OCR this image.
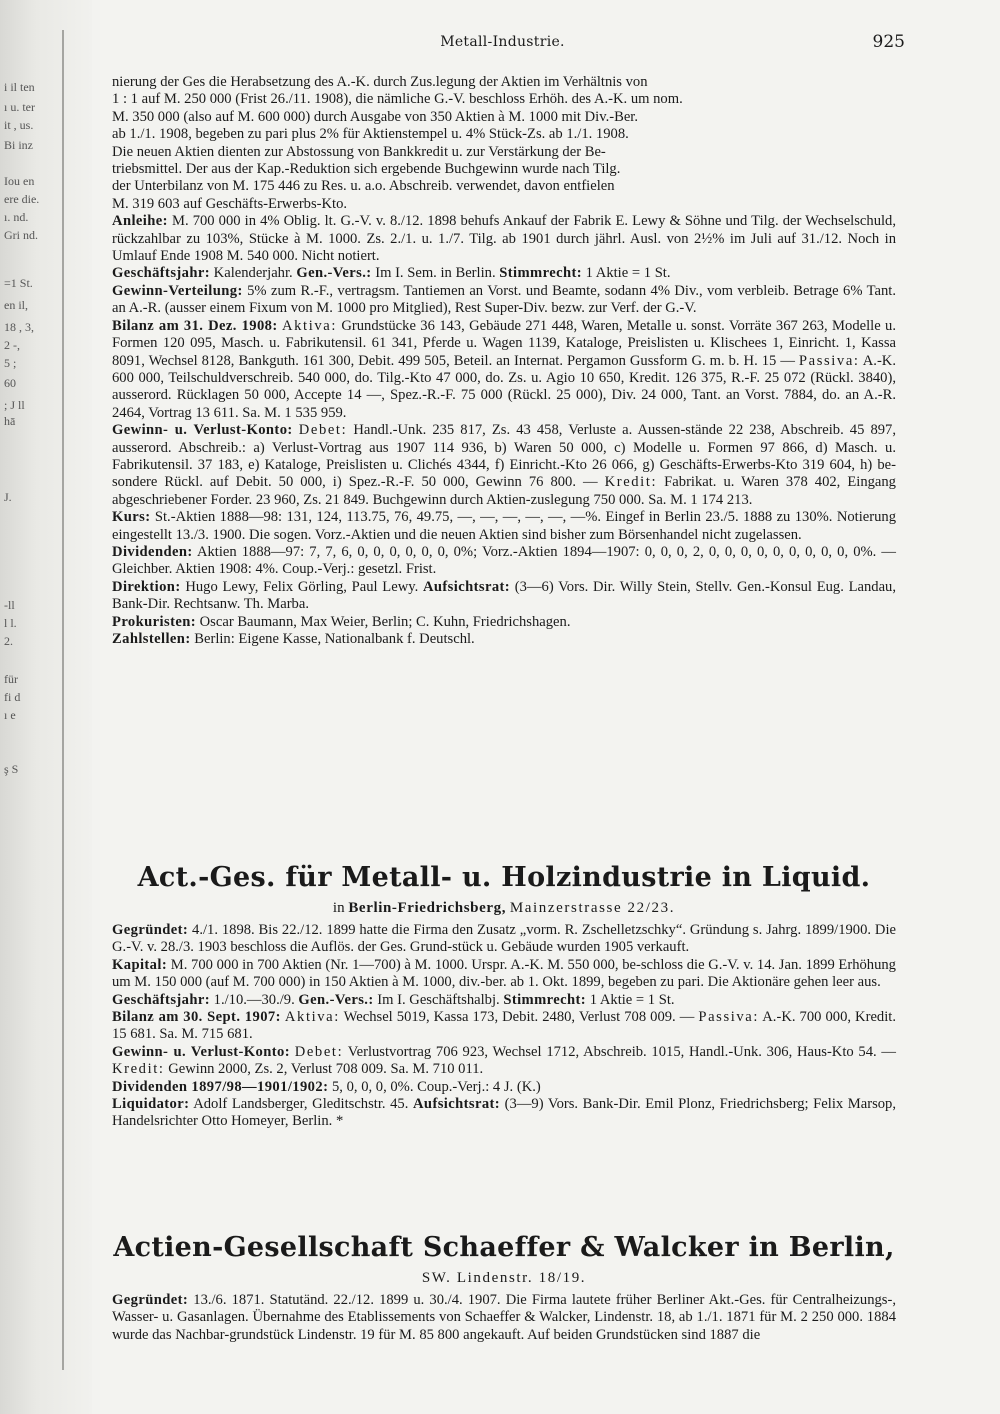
i il ten
ı u. ter
it , us.
Bi inz
Iou en
ere die.
ı. nd.
Gri nd.
=1 St.
en il,
18 , 3,
2 -,
5 ;
60
; J ll
hā
J.
-ll
l l.
2.
für
fi d
ı e
ş S
Metall-Industrie.	925

nierung der Ges die Herabsetzung des A.-K. durch Zus.legung der Aktien im Verhältnis von

1 : 1 auf M. 250 000 (Frist 26./11. 1908), die nämliche G.-V. beschloss Erhöh. des A.-K. um nom.

M. 350 000 (also auf M. 600 000) durch Ausgabe von 350 Aktien à M. 1000 mit Div.-Ber.

ab 1./1. 1908, begeben zu pari plus 2% für Aktienstempel u. 4% Stück-Zs. ab 1./1. 1908.

Die neuen Aktien dienten zur Abstossung von Bankkredit u. zur Verstärkung der Be-

triebsmittel. Der aus der Kap.-Reduktion sich ergebende Buchgewinn wurde nach Tilg.

der Unterbilanz von M. 175 446 zu Res. u. a.o. Abschreib. verwendet, davon entfielen

M. 319 603 auf Geschäfts-Erwerbs-Kto.

Anleihe: M. 700 000 in 4% Oblig. lt. G.-V. v. 8./12. 1898 behufs Ankauf der Fabrik E. Lewy & Söhne und Tilg. der Wechselschuld, rückzahlbar zu 103%, Stücke à M. 1000. Zs. 2./1. u. 1./7. Tilg. ab 1901 durch jährl. Ausl. von 2½% im Juli auf 31./12. Noch in Umlauf Ende 1908 M. 540 000. Nicht notiert.

Geschäftsjahr: Kalenderjahr. Gen.-Vers.: Im I. Sem. in Berlin. Stimmrecht: 1 Aktie = 1 St.

Gewinn-Verteilung: 5% zum R.-F., vertragsm. Tantiemen an Vorst. und Beamte, sodann 4% Div., vom verbleib. Betrage 6% Tant. an A.-R. (ausser einem Fixum von M. 1000 pro Mitglied), Rest Super-Div. bezw. zur Verf. der G.-V.

Bilanz am 31. Dez. 1908: Aktiva: Grundstücke 36 143, Gebäude 271 448, Waren, Metalle u. sonst. Vorräte 367 263, Modelle u. Formen 120 095, Masch. u. Fabrikutensil. 61 341, Pferde u. Wagen 1139, Kataloge, Preislisten u. Klischees 1, Einricht. 1, Kassa 8091, Wechsel 8128, Bankguth. 161 300, Debit. 499 505, Beteil. an Internat. Pergamon Gussform G. m. b. H. 15 — Passiva: A.-K. 600 000, Teilschuldverschreib. 540 000, do. Tilg.-Kto 47 000, do. Zs. u. Agio 10 650, Kredit. 126 375, R.-F. 25 072 (Rückl. 3840), ausserord. Rücklagen 50 000, Accepte 14 —, Spez.-R.-F. 75 000 (Rückl. 25 000), Div. 24 000, Tant. an Vorst. 7884, do. an A.-R. 2464, Vortrag 13 611. Sa. M. 1 535 959.

Gewinn- u. Verlust-Konto: Debet: Handl.-Unk. 235 817, Zs. 43 458, Verluste a. Aussen-stände 22 238, Abschreib. 45 897, ausserord. Abschreib.: a) Verlust-Vortrag aus 1907 114 936, b) Waren 50 000, c) Modelle u. Formen 97 866, d) Masch. u. Fabrikutensil. 37 183, e) Kataloge, Preislisten u. Clichés 4344, f) Einricht.-Kto 26 066, g) Geschäfts-Erwerbs-Kto 319 604, h) be-sondere Rückl. auf Debit. 50 000, i) Spez.-R.-F. 50 000, Gewinn 76 800. — Kredit: Fabrikat. u. Waren 378 402, Eingang abgeschriebener Forder. 23 960, Zs. 21 849. Buchgewinn durch Aktien-zuslegung 750 000. Sa. M. 1 174 213.

Kurs: St.-Aktien 1888—98: 131, 124, 113.75, 76, 49.75, —, —, —, —, —, —%. Eingef in Berlin 23./5. 1888 zu 130%. Notierung eingestellt 13./3. 1900. Die sogen. Vorz.-Aktien und die neuen Aktien sind bisher zum Börsenhandel nicht zugelassen.

Dividenden: Aktien 1888—97: 7, 7, 6, 0, 0, 0, 0, 0, 0, 0%; Vorz.-Aktien 1894—1907: 0, 0, 0, 2, 0, 0, 0, 0, 0, 0, 0, 0, 0, 0%. — Gleichber. Aktien 1908: 4%. Coup.-Verj.: gesetzl. Frist.

Direktion: Hugo Lewy, Felix Görling, Paul Lewy. Aufsichtsrat: (3—6) Vors. Dir. Willy Stein, Stellv. Gen.-Konsul Eug. Landau, Bank-Dir. Rechtsanw. Th. Marba.

Prokuristen: Oscar Baumann, Max Weier, Berlin; C. Kuhn, Friedrichshagen.

Zahlstellen: Berlin: Eigene Kasse, Nationalbank f. Deutschl.

Act.-Ges. für Metall- u. Holzindustrie in Liquid.
in Berlin-Friedrichsberg, Mainzerstrasse 22/23.

Gegründet: 4./1. 1898. Bis 22./12. 1899 hatte die Firma den Zusatz „vorm. R. Zschelletzschky“. Gründung s. Jahrg. 1899/1900. Die G.-V. v. 28./3. 1903 beschloss die Auflös. der Ges. Grund-stück u. Gebäude wurden 1905 verkauft.

Kapital: M. 700 000 in 700 Aktien (Nr. 1—700) à M. 1000. Urspr. A.-K. M. 550 000, be-schloss die G.-V. v. 14. Jan. 1899 Erhöhung um M. 150 000 (auf M. 700 000) in 150 Aktien à M. 1000, div.-ber. ab 1. Okt. 1899, begeben zu pari. Die Aktionäre gehen leer aus.

Geschäftsjahr: 1./10.—30./9. Gen.-Vers.: Im I. Geschäftshalbj. Stimmrecht: 1 Aktie = 1 St.

Bilanz am 30. Sept. 1907: Aktiva: Wechsel 5019, Kassa 173, Debit. 2480, Verlust 708 009. — Passiva: A.-K. 700 000, Kredit. 15 681. Sa. M. 715 681.

Gewinn- u. Verlust-Konto: Debet: Verlustvortrag 706 923, Wechsel 1712, Abschreib. 1015, Handl.-Unk. 306, Haus-Kto 54. — Kredit: Gewinn 2000, Zs. 2, Verlust 708 009. Sa. M. 710 011.

Dividenden 1897/98—1901/1902: 5, 0, 0, 0, 0%. Coup.-Verj.: 4 J. (K.)

Liquidator: Adolf Landsberger, Gleditschstr. 45. Aufsichtsrat: (3—9) Vors. Bank-Dir. Emil Plonz, Friedrichsberg; Felix Marsop, Handelsrichter Otto Homeyer, Berlin. *

Actien-Gesellschaft Schaeffer & Walcker in Berlin,
SW. Lindenstr. 18/19.

Gegründet: 13./6. 1871. Statutänd. 22./12. 1899 u. 30./4. 1907. Die Firma lautete früher Berliner Akt.-Ges. für Centralheizungs-, Wasser- u. Gasanlagen. Übernahme des Etablissements von Schaeffer & Walcker, Lindenstr. 18, ab 1./1. 1871 für M. 2 250 000. 1884 wurde das Nachbar-grundstück Lindenstr. 19 für M. 85 800 angekauft. Auf beiden Grundstücken sind 1887 die
